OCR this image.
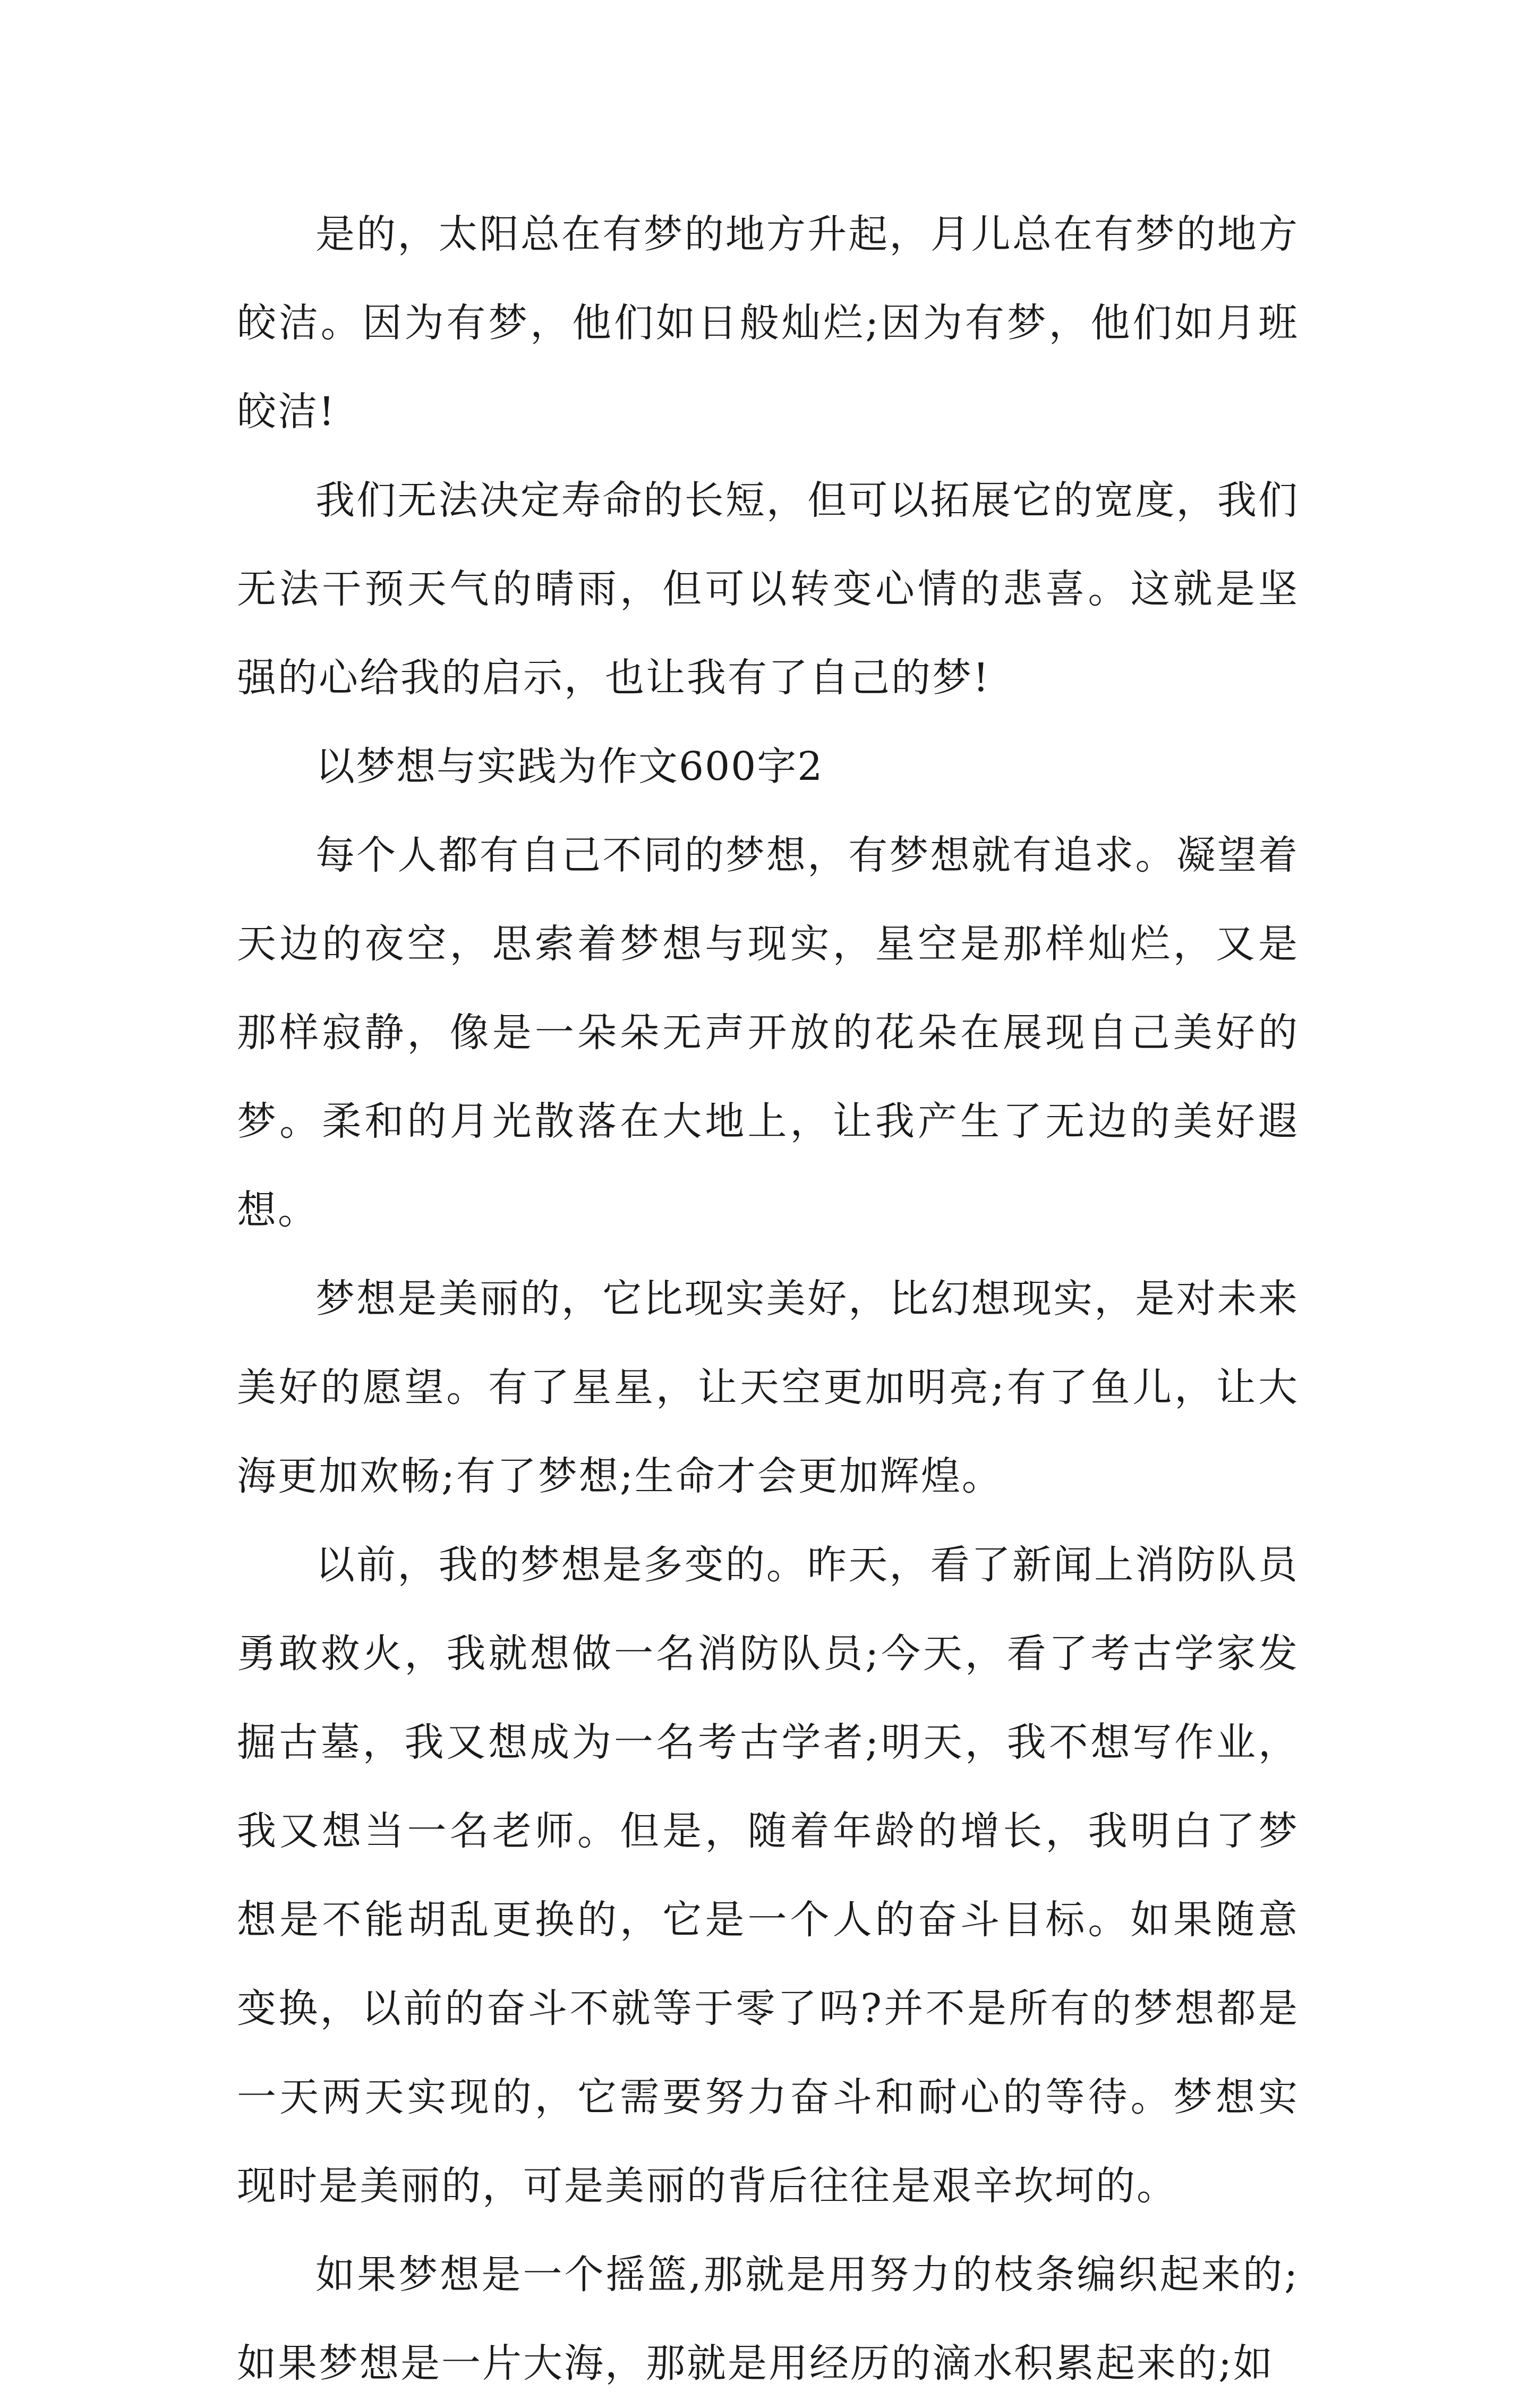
是的，太阳总在有梦的地方升起，月儿总在有梦的地方皎洁。因为有梦，他们如日般灿烂;因为有梦，他们如月班皎洁!

我们无法决定寿命的长短，但可以拓展它的宽度，我们无法干预天气的晴雨，但可以转变心情的悲喜。这就是坚强的心给我的启示，也让我有了自己的梦!

以梦想与实践为作文600字2

每个人都有自己不同的梦想，有梦想就有追求。凝望着天边的夜空，思索着梦想与现实，星空是那样灿烂，又是那样寂静，像是一朵朵无声开放的花朵在展现自己美好的梦。柔和的月光散落在大地上，让我产生了无边的美好遐想。

梦想是美丽的，它比现实美好，比幻想现实，是对未来美好的愿望。有了星星，让天空更加明亮;有了鱼儿，让大海更加欢畅;有了梦想;生命才会更加辉煌。

以前，我的梦想是多变的。昨天，看了新闻上消防队员勇敢救火，我就想做一名消防队员;今天，看了考古学家发掘古墓，我又想成为一名考古学者;明天，我不想写作业，我又想当一名老师。但是，随着年龄的增长，我明白了梦想是不能胡乱更换的，它是一个人的奋斗目标。如果随意变换，以前的奋斗不就等于零了吗?并不是所有的梦想都是一天两天实现的，它需要努力奋斗和耐心的等待。梦想实现时是美丽的，可是美丽的背后往往是艰辛坎坷的。

如果梦想是一个摇篮,那就是用努力的枝条编织起来的;如果梦想是一片大海，那就是用经历的滴水积累起来的;如
